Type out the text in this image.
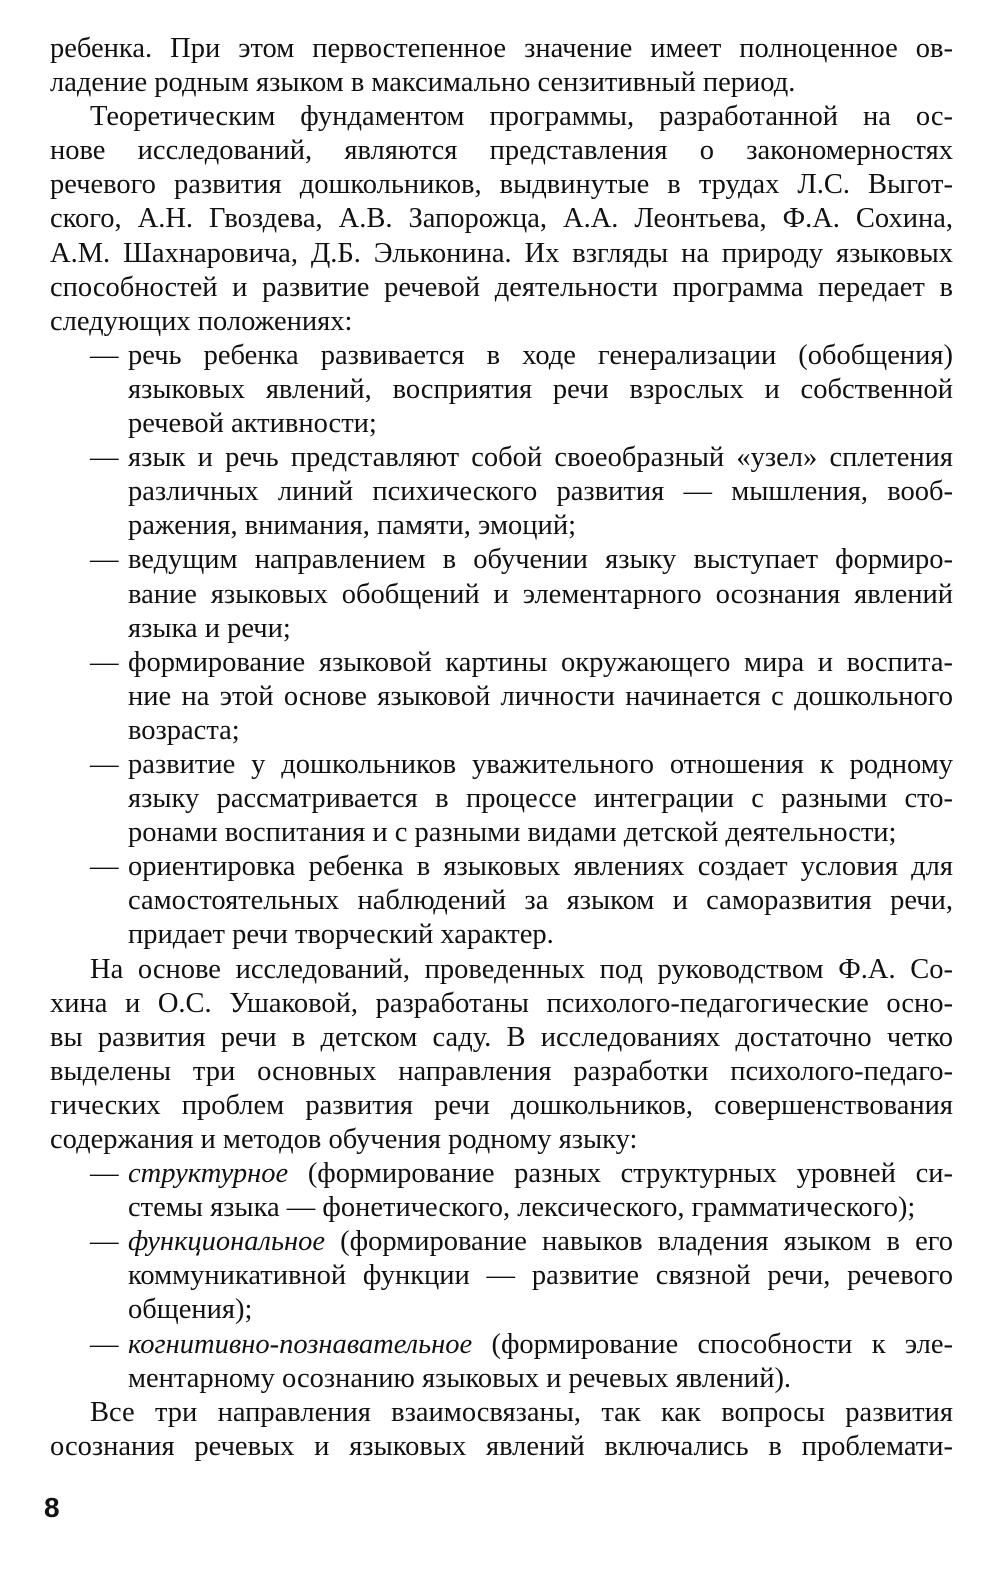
ребенка. При этом первостепенное значение имеет полноценное ов-
ладение родным языком в максимально сензитивный период.
Теоретическим фундаментом программы, разработанной на ос-
нове исследований, являются представления о закономерностях
речевого развития дошкольников, выдвинутые в трудах Л.С. Выгот-
ского, А.Н. Гвоздева, А.В. Запорожца, А.А. Леонтьева, Ф.А. Сохина,
А.М. Шахнаровича, Д.Б. Эльконина. Их взгляды на природу языковых
способностей и развитие речевой деятельности программа передает в
следующих положениях:
— речь ребенка развивается в ходе генерализации (обобщения)
языковых явлений, восприятия речи взрослых и собственной
речевой активности;
— язык и речь представляют собой своеобразный «узел» сплетения
различных линий психического развития — мышления, вооб-
ражения, внимания, памяти, эмоций;
— ведущим направлением в обучении языку выступает формиро-
вание языковых обобщений и элементарного осознания явлений
языка и речи;
— формирование языковой картины окружающего мира и воспита-
ние на этой основе языковой личности начинается с дошкольного
возраста;
— развитие у дошкольников уважительного отношения к родному
языку рассматривается в процессе интеграции с разными сто-
ронами воспитания и с разными видами детской деятельности;
— ориентировка ребенка в языковых явлениях создает условия для
самостоятельных наблюдений за языком и саморазвития речи,
придает речи творческий характер.
На основе исследований, проведенных под руководством Ф.А. Со-
хина и О.С. Ушаковой, разработаны психолого-педагогические осно-
вы развития речи в детском саду. В исследованиях достаточно четко
выделены три основных направления разработки психолого-педаго-
гических проблем развития речи дошкольников, совершенствования
содержания и методов обучения родному языку:
— структурное (формирование разных структурных уровней си-
стемы языка — фонетического, лексического, грамматического);
— функциональное (формирование навыков владения языком в его
коммуникативной функции — развитие связной речи, речевого
общения);
— когнитивно-познавательное (формирование способности к эле-
ментарному осознанию языковых и речевых явлений).
Все три направления взаимосвязаны, так как вопросы развития
осознания речевых и языковых явлений включались в проблемати-
8
